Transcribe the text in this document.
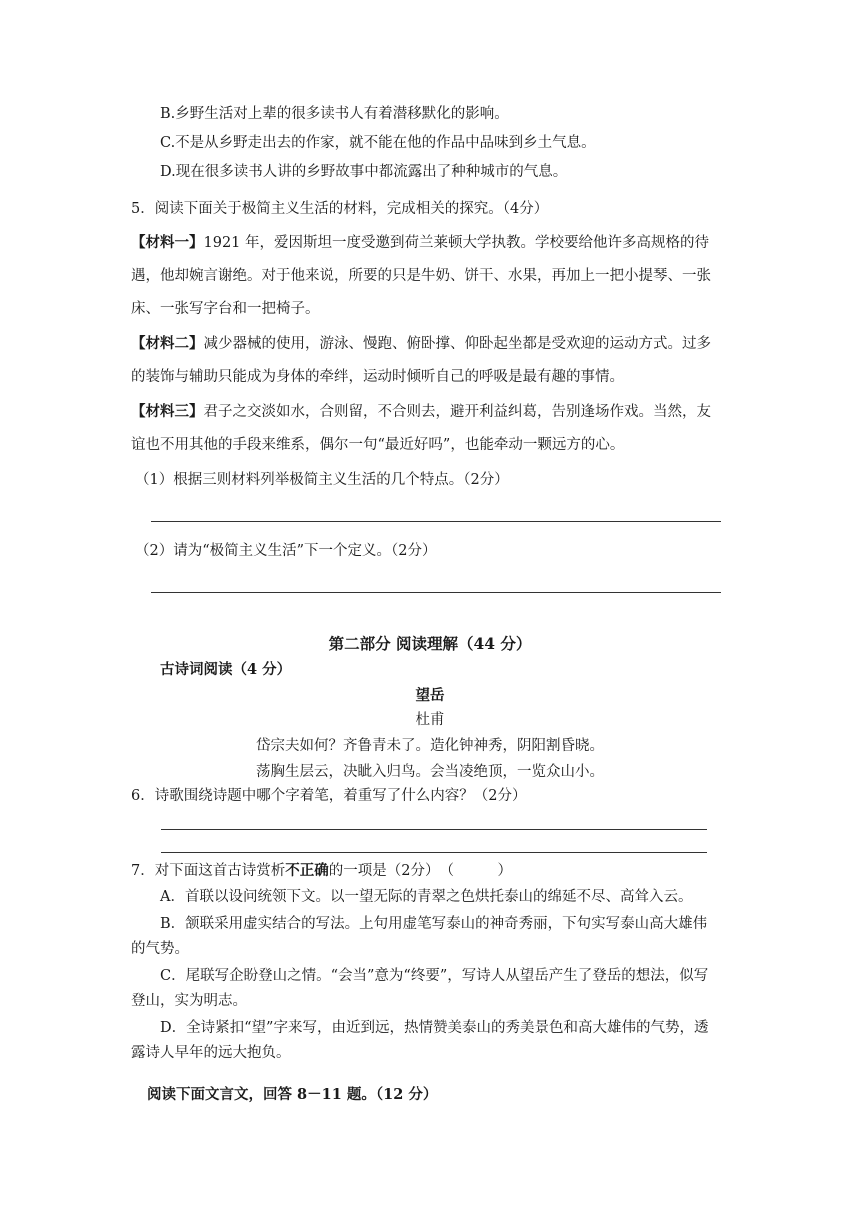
B.乡野生活对上辈的很多读书人有着潜移默化的影响。
C.不是从乡野走出去的作家，就不能在他的作品中品味到乡土气息。
D.现在很多读书人讲的乡野故事中都流露出了种种城市的气息。
5．阅读下面关于极简主义生活的材料，完成相关的探究。（4分）
【材料一】1921 年，爱因斯坦一度受邀到荷兰莱顿大学执教。学校要给他许多高规格的待
遇，他却婉言谢绝。对于他来说，所要的只是牛奶、饼干、水果，再加上一把小提琴、一张
床、一张写字台和一把椅子。
【材料二】减少器械的使用，游泳、慢跑、俯卧撑、仰卧起坐都是受欢迎的运动方式。过多
的装饰与辅助只能成为身体的牵绊，运动时倾听自己的呼吸是最有趣的事情。
【材料三】君子之交淡如水，合则留，不合则去，避开利益纠葛，告别逢场作戏。当然，友
谊也不用其他的手段来维系，偶尔一句“最近好吗”，也能牵动一颗远方的心。
（1）根据三则材料列举极简主义生活的几个特点。（2分）
（2）请为“极简主义生活”下一个定义。（2分）
第二部分 阅读理解（44 分）
古诗词阅读（4 分）
望岳
杜甫
岱宗夫如何？齐鲁青未了。造化钟神秀，阴阳割昏晓。
荡胸生层云，决眦入归鸟。会当凌绝顶，一览众山小。
6．诗歌围绕诗题中哪个字着笔，着重写了什么内容？（2分）
7．对下面这首古诗赏析不正确的一项是（2分）　（　　　）
A．首联以设问统领下文。以一望无际的青翠之色烘托泰山的绵延不尽、高耸入云。
B．颔联采用虚实结合的写法。上句用虚笔写泰山的神奇秀丽，下句实写泰山高大雄伟
的气势。
C．尾联写企盼登山之情。“会当”意为“终要”，写诗人从望岳产生了登岳的想法，似写
登山，实为明志。
D．全诗紧扣“望”字来写，由近到远，热情赞美泰山的秀美景色和高大雄伟的气势，透
露诗人早年的远大抱负。
阅读下面文言文，回答 8－11 题。（12 分）
